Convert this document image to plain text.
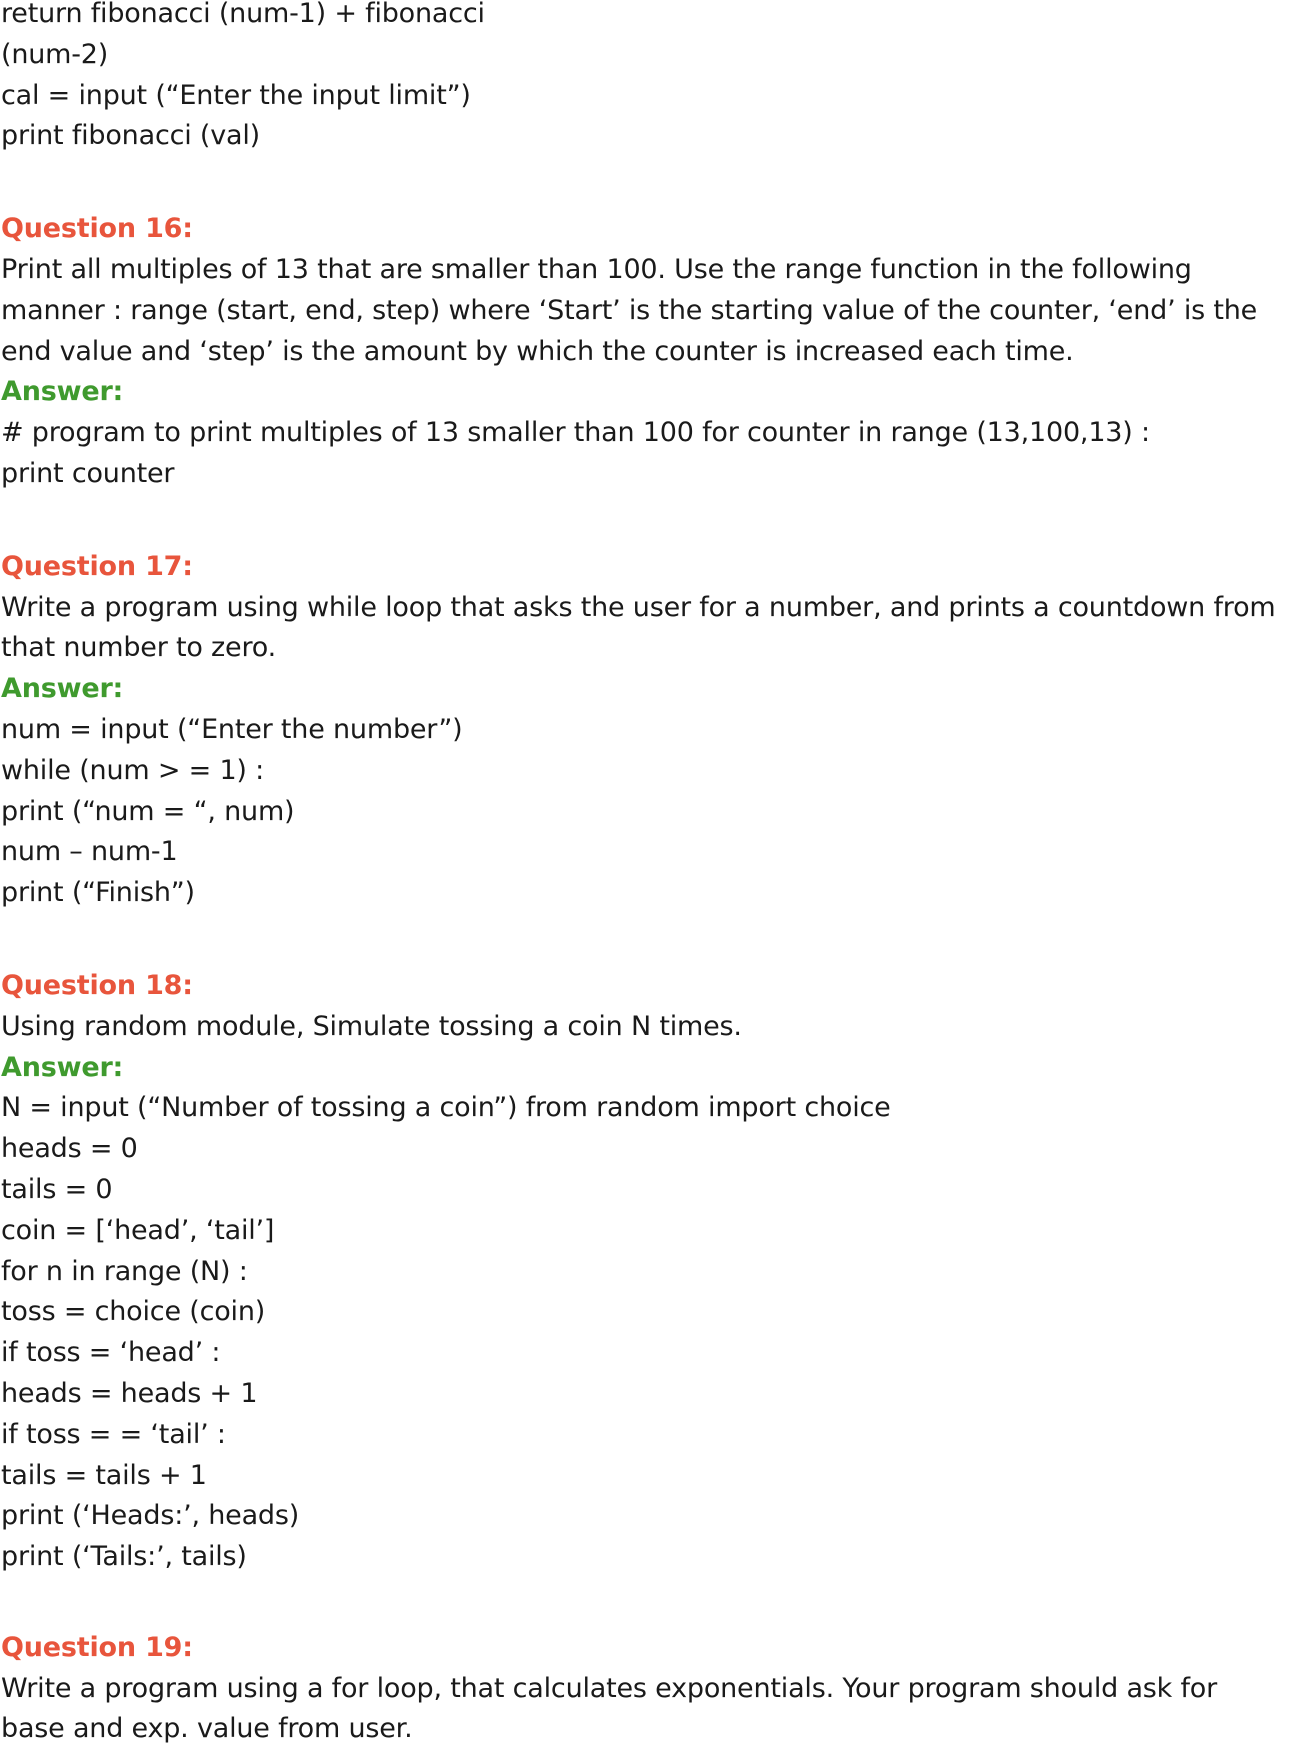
return fibonacci (num-1) + fibonacci
(num-2)
cal = input (“Enter the input limit”)
print fibonacci (val)
Question 16:
Print all multiples of 13 that are smaller than 100. Use the range function in the following
manner : range (start, end, step) where ‘Start’ is the starting value of the counter, ‘end’ is the
end value and ‘step’ is the amount by which the counter is increased each time.
Answer:
# program to print multiples of 13 smaller than 100 for counter in range (13,100,13) :
print counter
Question 17:
Write a program using while loop that asks the user for a number, and prints a countdown from
that number to zero.
Answer:
num = input (“Enter the number”)
while (num > = 1) :
print (“num = “, num)
num – num-1
print (“Finish”)
Question 18:
Using random module, Simulate tossing a coin N times.
Answer:
N = input (“Number of tossing a coin”) from random import choice
heads = 0
tails = 0
coin = [‘head’, ‘tail’]
for n in range (N) :
toss = choice (coin)
if toss = ‘head’ :
heads = heads + 1
if toss = = ‘tail’ :
tails = tails + 1
print (‘Heads:’, heads)
print (‘Tails:’, tails)
Question 19:
Write a program using a for loop, that calculates exponentials. Your program should ask for
base and exp. value from user.
